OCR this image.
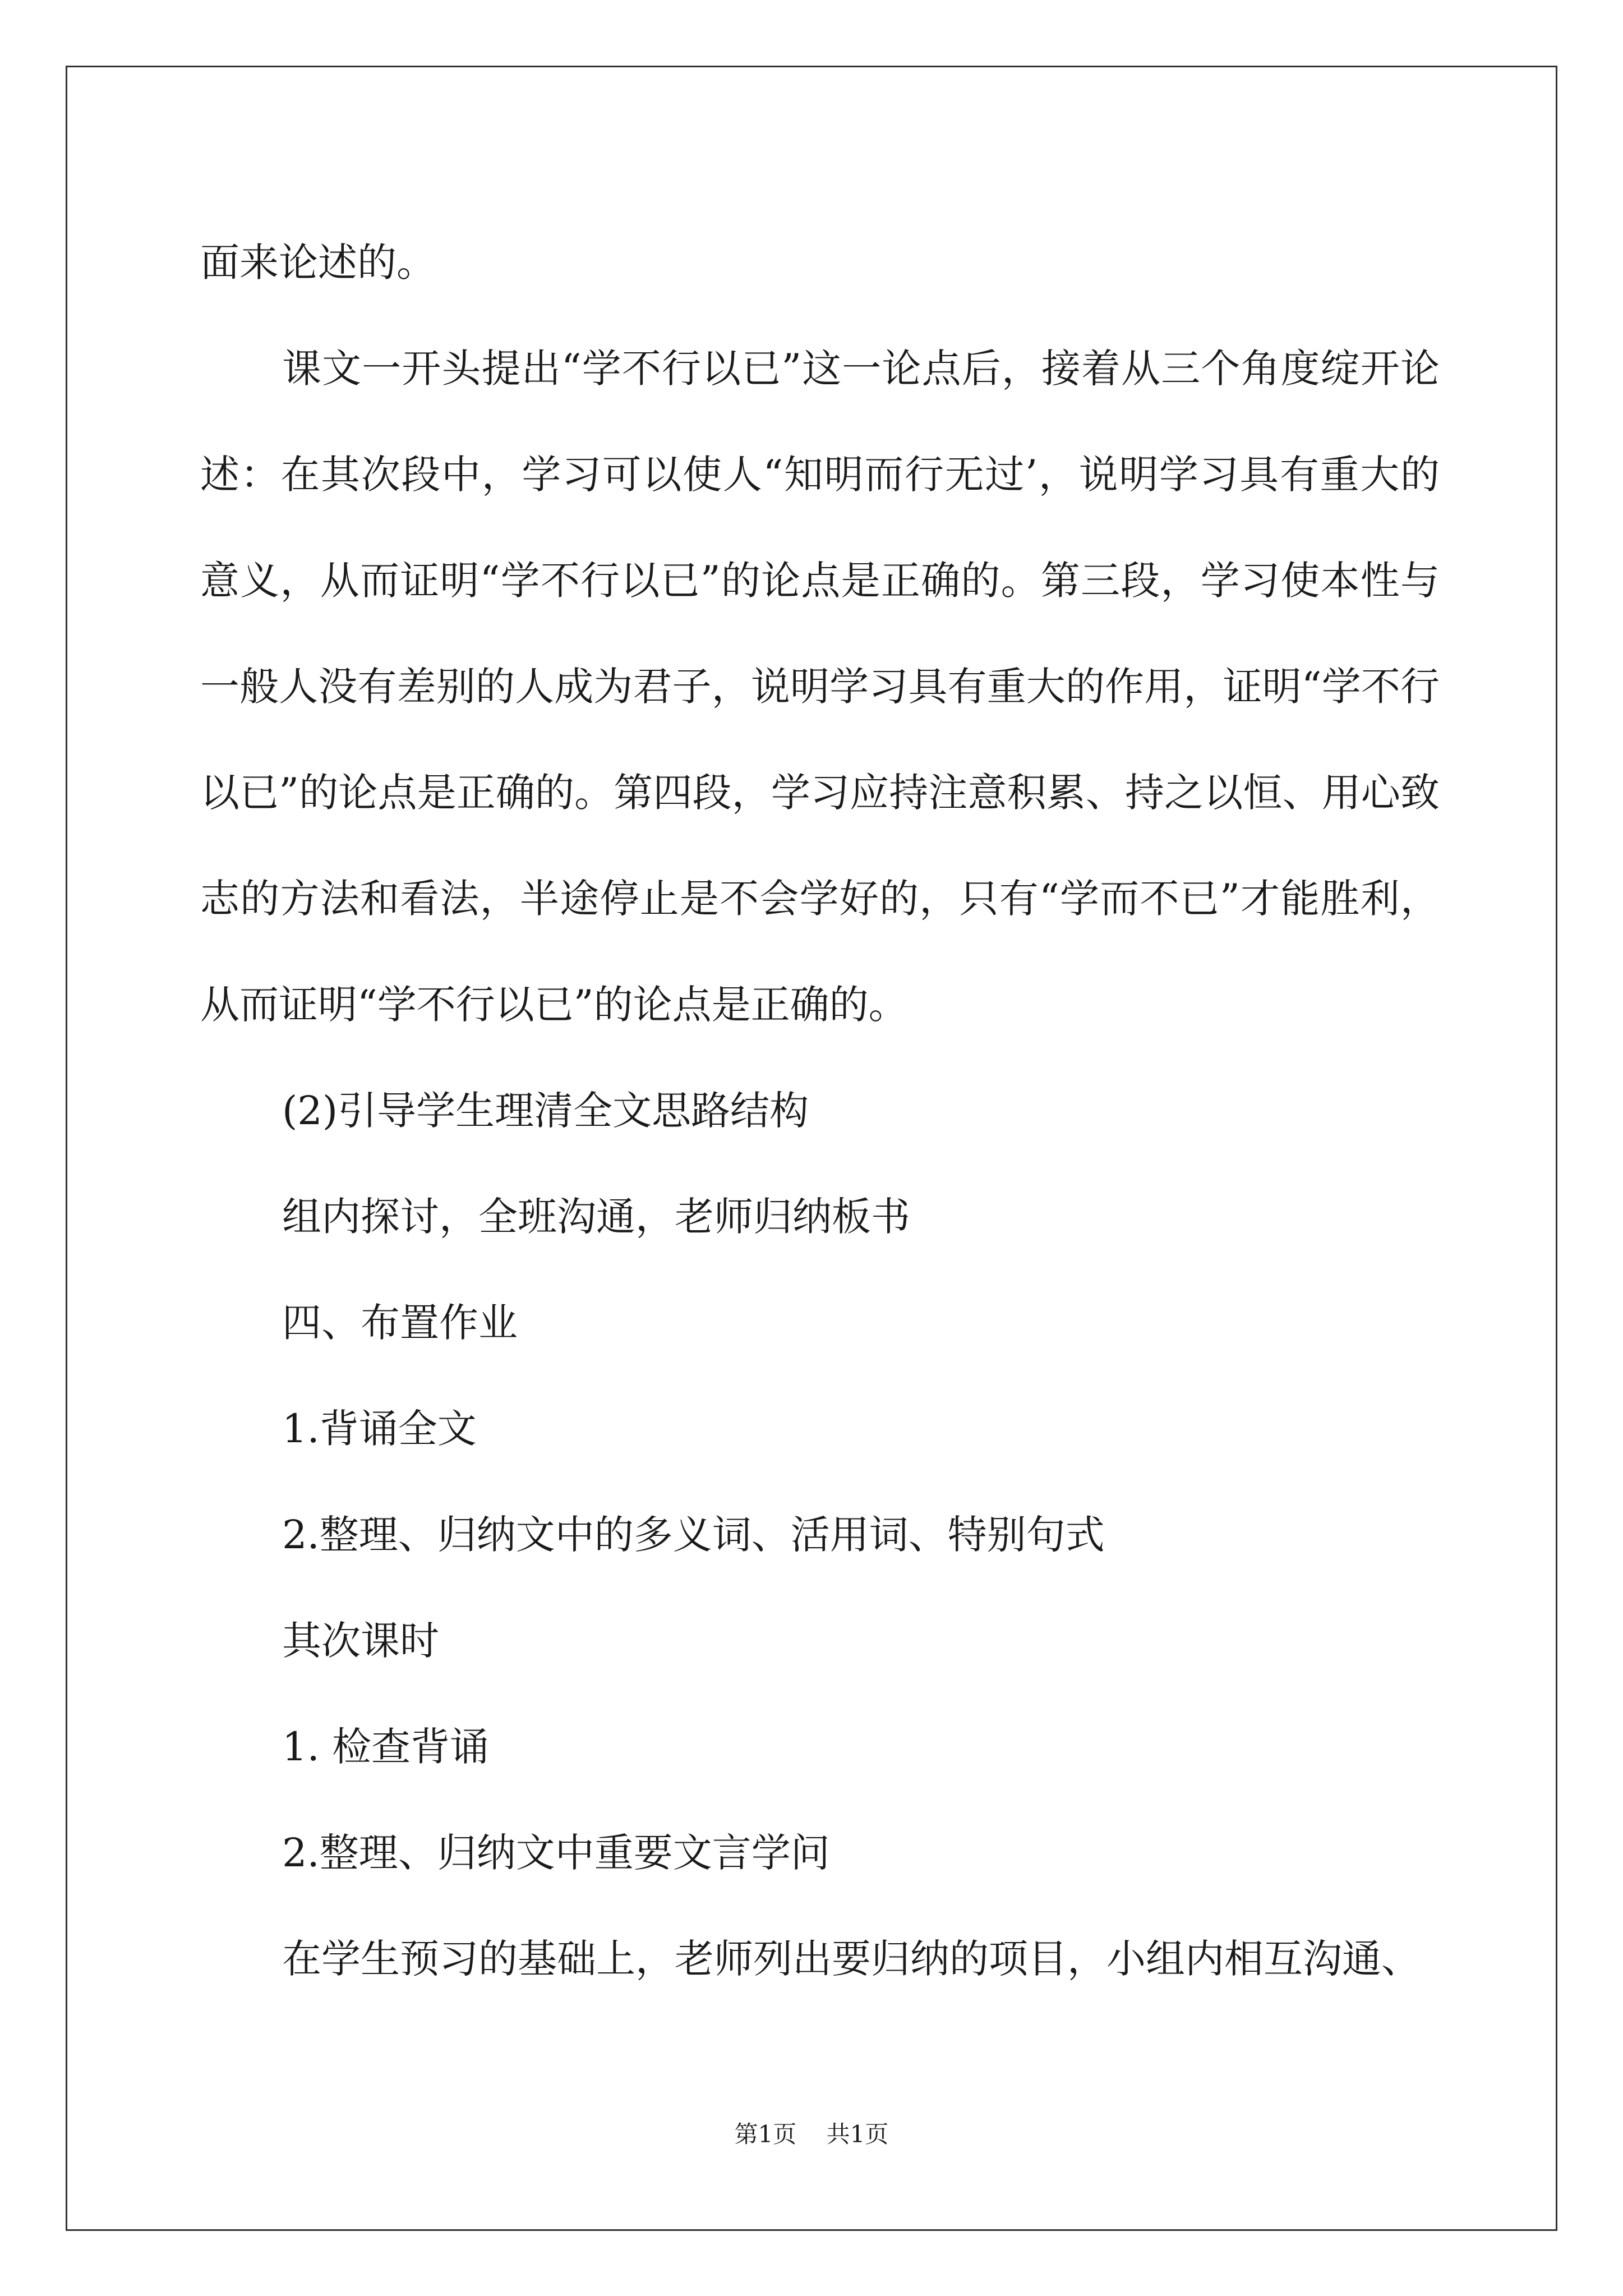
面来论述的。

课文一开头提出“学不行以已”这一论点后，接着从三个角度绽开论述：在其次段中，学习可以使人“知明而行无过’，说明学习具有重大的意义，从而证明“学不行以已”的论点是正确的。第三段，学习使本性与一般人没有差别的人成为君子，说明学习具有重大的作用，证明“学不行以已”的论点是正确的。第四段，学习应持注意积累、持之以恒、用心致志的方法和看法，半途停止是不会学好的，只有“学而不已”才能胜利，从而证明“学不行以已”的论点是正确的。

(2)引导学生理清全文思路结构

组内探讨，全班沟通，老师归纳板书

四、布置作业

1.背诵全文

2.整理、归纳文中的多义词、活用词、特别句式

其次课时

1. 检查背诵

2.整理、归纳文中重要文言学问

在学生预习的基础上，老师列出要归纳的项目，小组内相互沟通、

第1页 共1页
